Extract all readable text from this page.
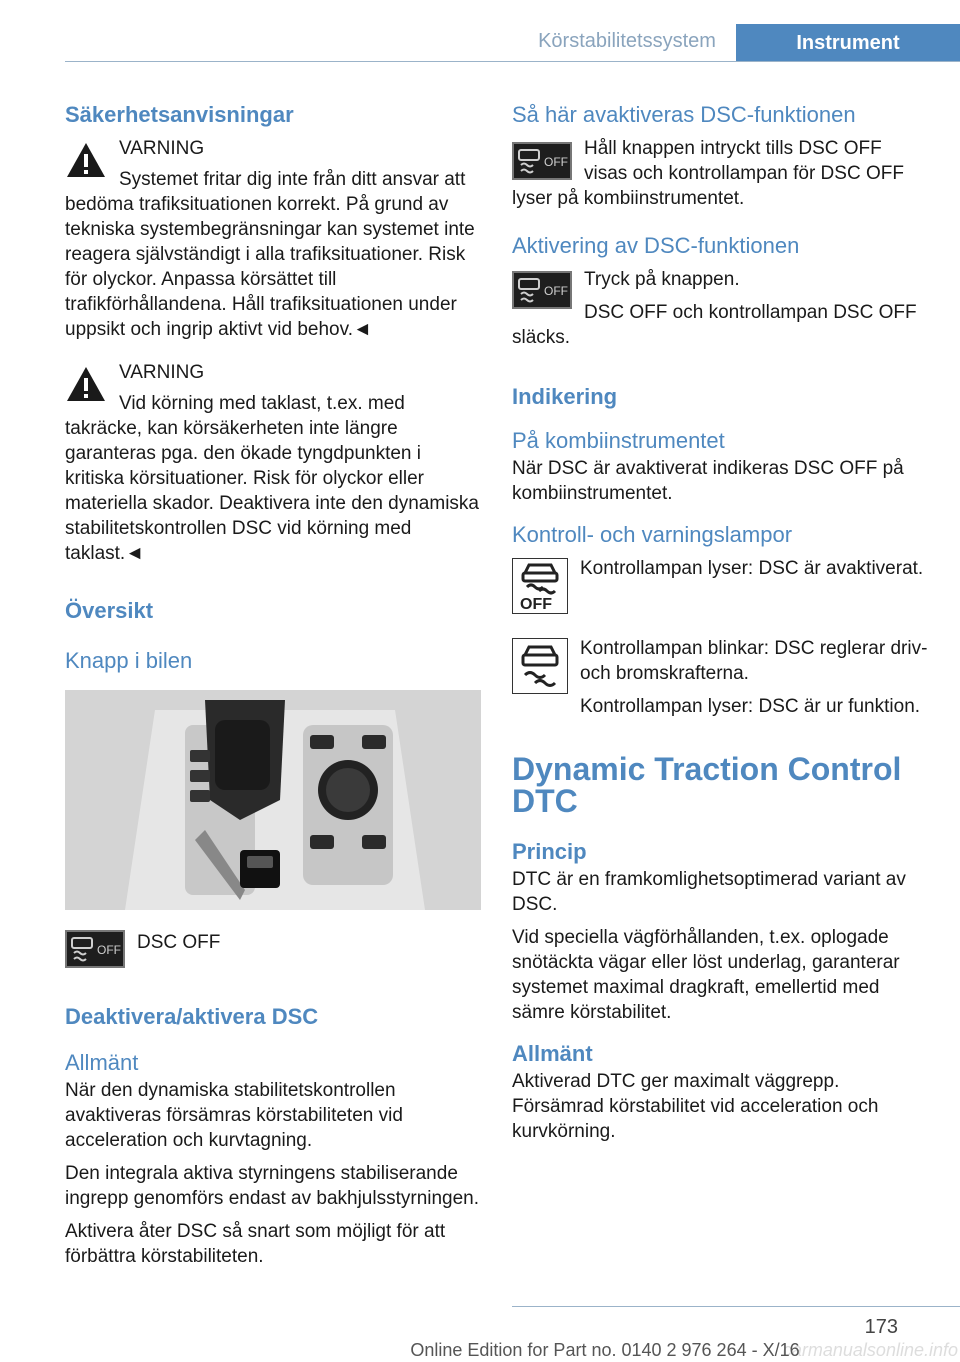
Körstabilitetssystem	Instrument
Säkerhetsanvisningar

VARNING

Systemet fritar dig inte från ditt ansvar att bedöma trafiksituationen korrekt. På grund av tekniska systembegränsningar kan systemet inte reagera självständigt i alla trafiksituationer. Risk för olyckor. Anpassa körsättet till trafikförhållandena. Håll trafiksituationen under uppsikt och ingrip aktivt vid behov.◄

VARNING

Vid körning med taklast, t.ex. med takräcke, kan körsäkerheten inte längre garanteras pga. den ökade tyngdpunkten i kritiska körsituationer. Risk för olyckor eller materiella skador. Deaktivera inte den dynamiska stabilitetskontrollen DSC vid körning med taklast.◄

Översikt
Knapp i bilen
OFF DSC OFF

Deaktivera/aktivera DSC
Allmänt

När den dynamiska stabilitetskontrollen avaktiveras försämras körstabiliteten vid acceleration och kurvtagning.

Den integrala aktiva styrningens stabiliserande ingrepp genomförs endast av bakhjulsstyrningen.

Aktivera åter DSC så snart som möjligt för att förbättra körstabiliteten.

Så här avaktiveras DSC-funktionen
OFF

Håll knappen intryckt tills DSC OFF visas och kontrollampan för DSC OFF lyser på kombiinstrumentet.

Aktivering av DSC-funktionen
OFF

Tryck på knappen.

DSC OFF och kontrollampan DSC OFF släcks.

Indikering
På kombiinstrumentet

När DSC är avaktiverat indikeras DSC OFF på kombiinstrumentet.

Kontroll- och varningslampor
OFF

Kontrollampan lyser: DSC är avaktiverat.

Kontrollampan blinkar: DSC reglerar driv- och bromskrafterna.

Kontrollampan lyser: DSC är ur funktion.

Dynamic Traction Control DTC
Princip

DTC är en framkomlighetsoptimerad variant av DSC.

Vid speciella vägförhållanden, t.ex. oplogade snötäckta vägar eller löst underlag, garanterar systemet maximal dragkraft, emellertid med sämre körstabilitet.

Allmänt

Aktiverad DTC ger maximalt väggrepp. Försämrad körstabilitet vid acceleration och kurvkörning.

173
carmanualsonline.info
Online Edition for Part no. 0140 2 976 264 - X/16
